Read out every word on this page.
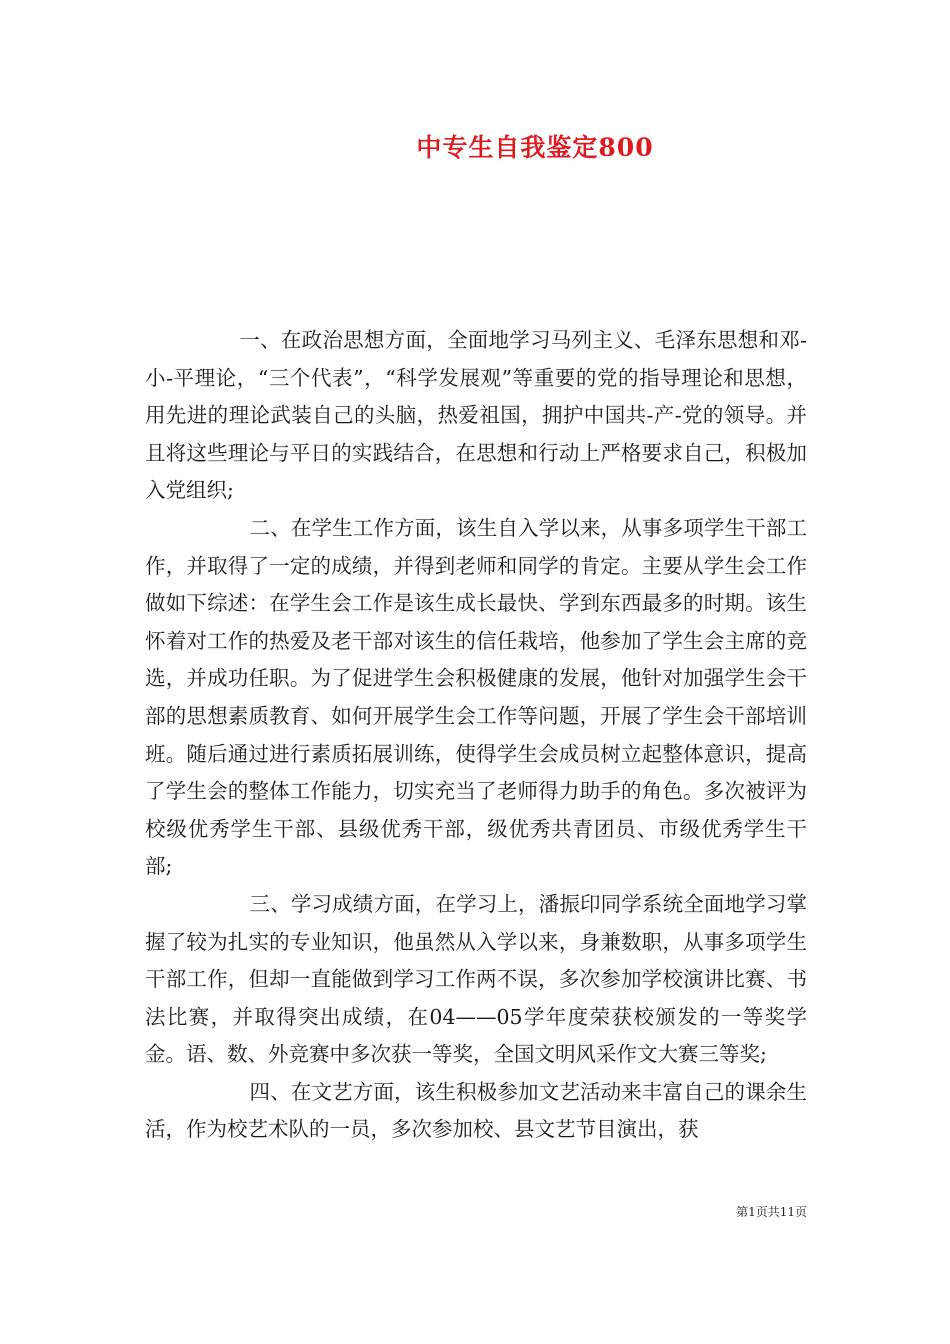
中专生自我鉴定800

一、在政治思想方面，全面地学习马列主义、毛泽东思想和邓-小-平理论，“三个代表”，“科学发展观”等重要的党的指导理论和思想，用先进的理论武装自己的头脑，热爱祖国，拥护中国共-产-党的领导。并且将这些理论与平日的实践结合，在思想和行动上严格要求自己，积极加入党组织;

二、在学生工作方面，该生自入学以来，从事多项学生干部工作，并取得了一定的成绩，并得到老师和同学的肯定。主要从学生会工作做如下综述：在学生会工作是该生成长最快、学到东西最多的时期。该生怀着对工作的热爱及老干部对该生的信任栽培，他参加了学生会主席的竞选，并成功任职。为了促进学生会积极健康的发展，他针对加强学生会干部的思想素质教育、如何开展学生会工作等问题，开展了学生会干部培训班。随后通过进行素质拓展训练，使得学生会成员树立起整体意识，提高了学生会的整体工作能力，切实充当了老师得力助手的角色。多次被评为校级优秀学生干部、县级优秀干部，级优秀共青团员、市级优秀学生干部;

三、学习成绩方面，在学习上，潘振印同学系统全面地学习掌握了较为扎实的专业知识，他虽然从入学以来，身兼数职，从事多项学生干部工作，但却一直能做到学习工作两不误，多次参加学校演讲比赛、书法比赛，并取得突出成绩，在04——05学年度荣获校颁发的一等奖学金。语、数、外竞赛中多次获一等奖，全国文明风采作文大赛三等奖;

四、在文艺方面，该生积极参加文艺活动来丰富自己的课余生活，作为校艺术队的一员，多次参加校、县文艺节目演出，获

第1页共11页
